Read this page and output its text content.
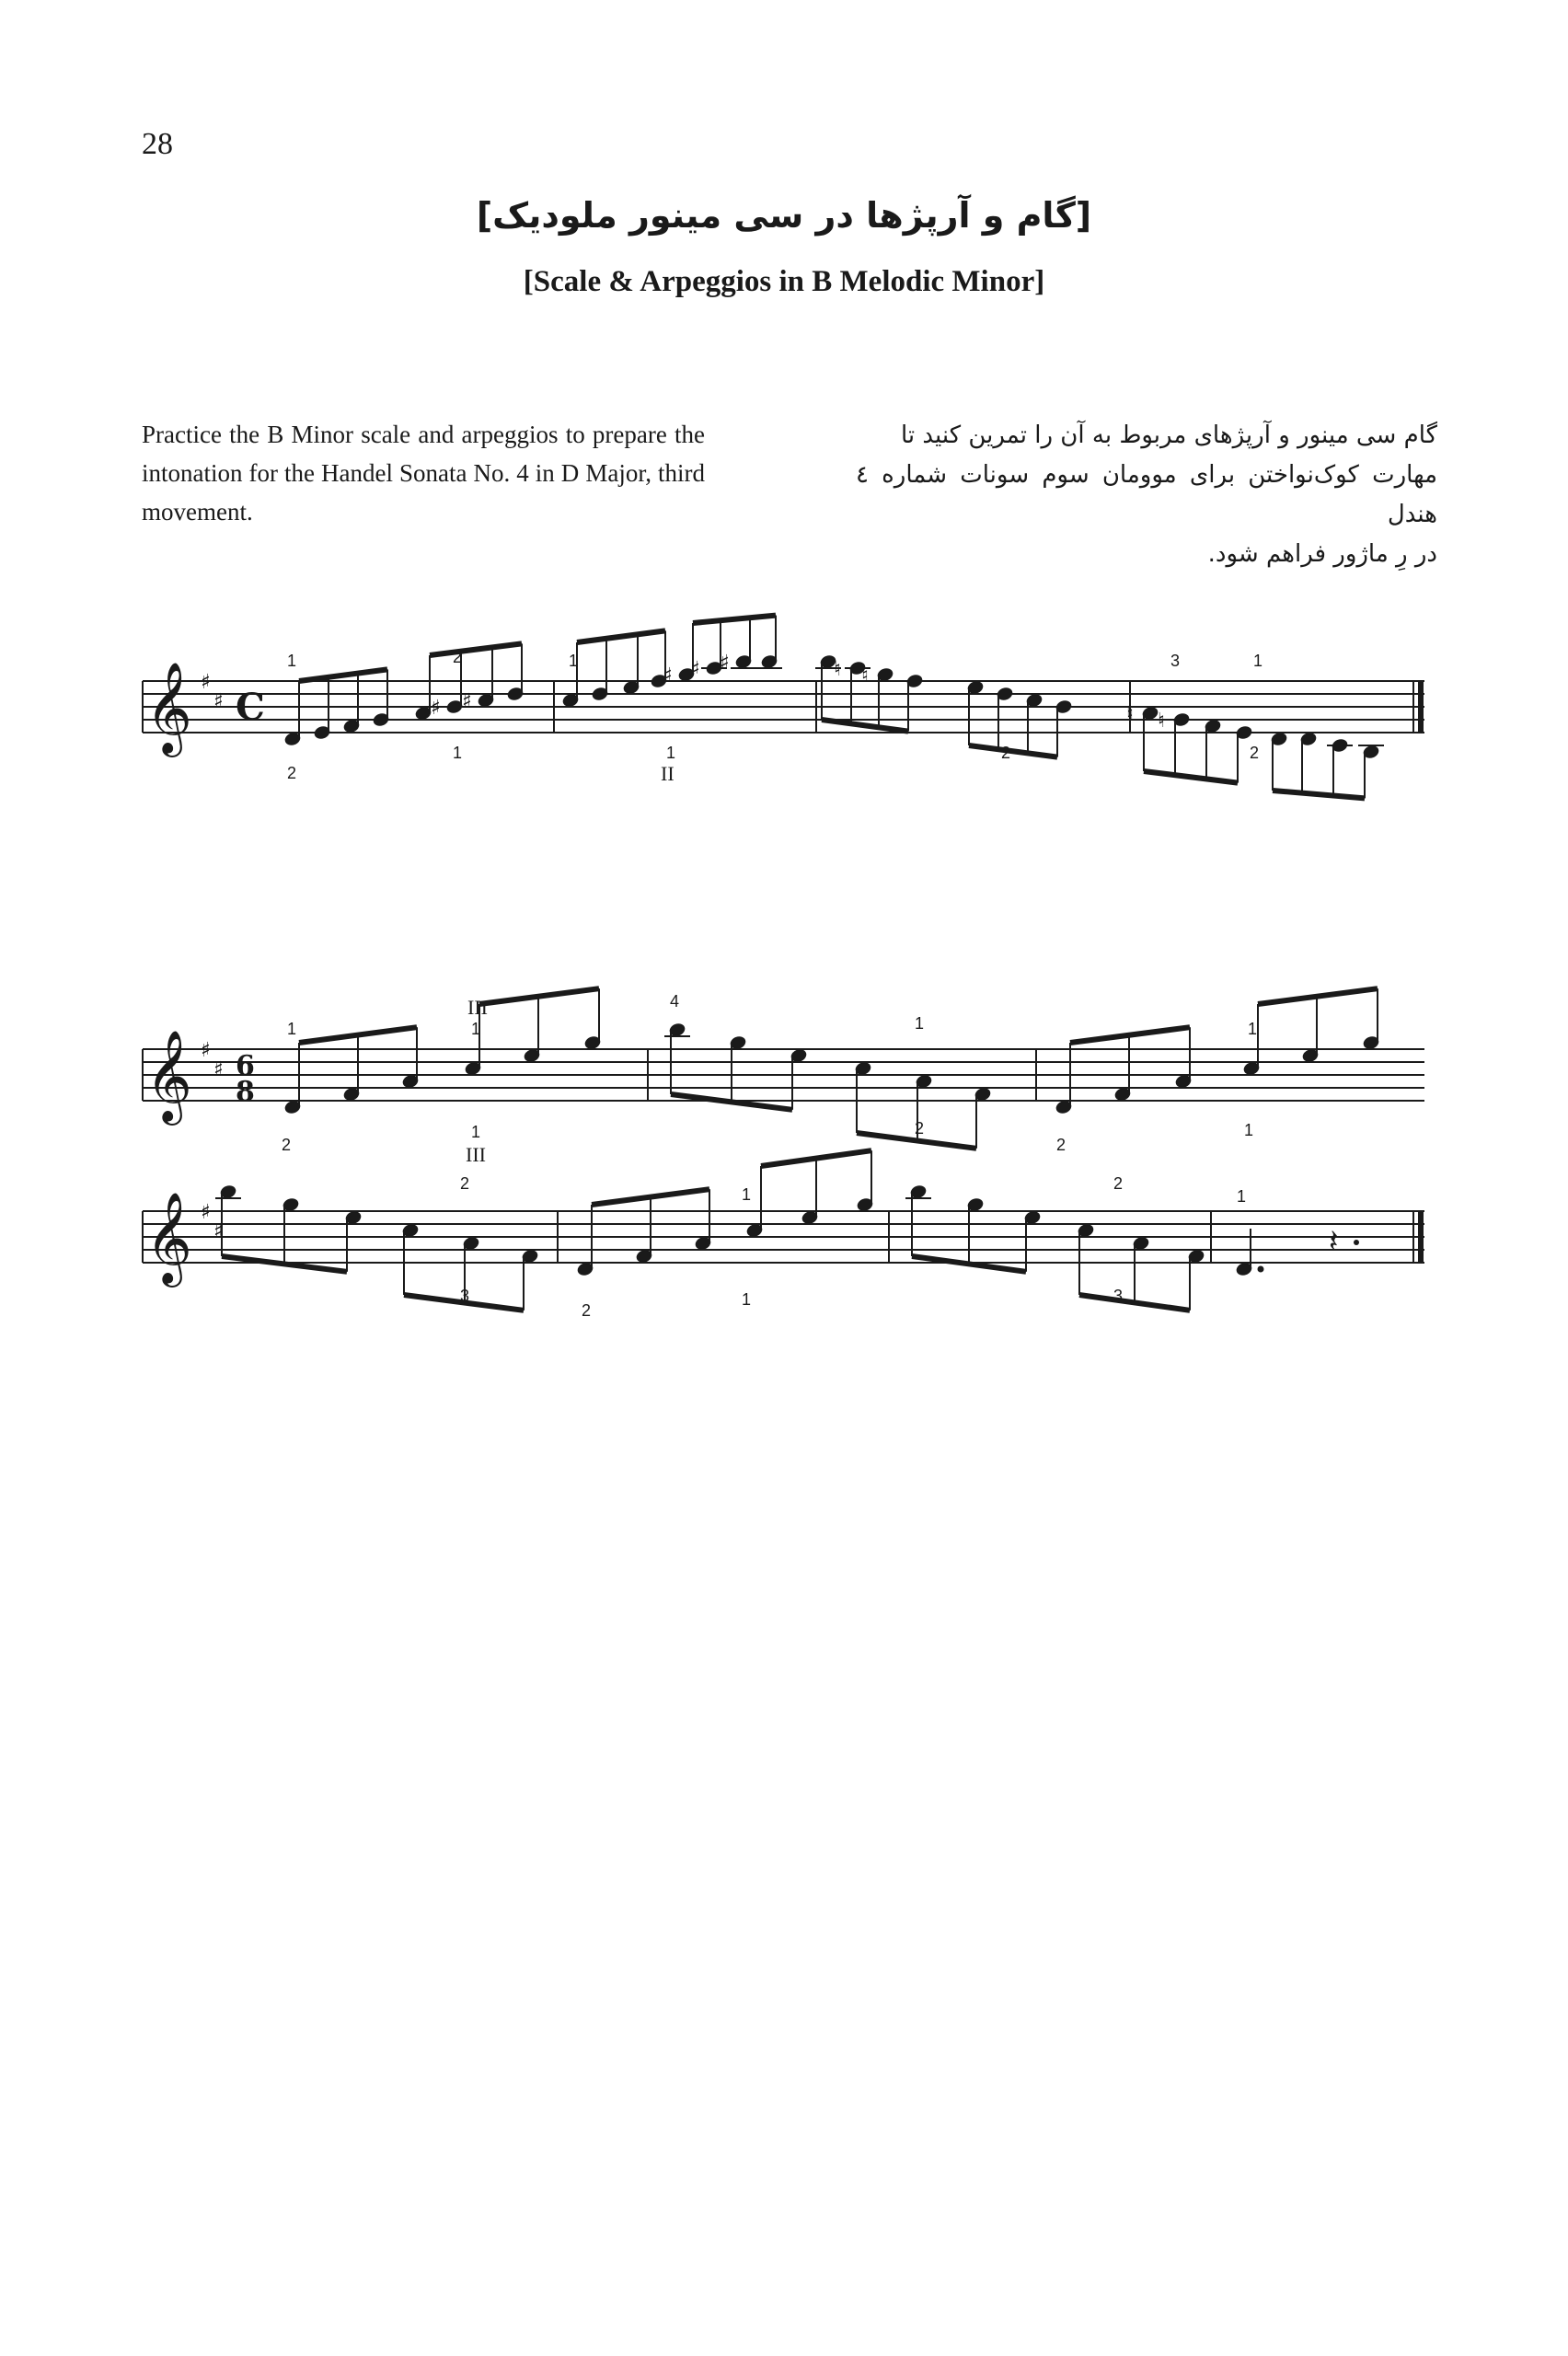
28
[گام و آرپژها در سی مینور ملودیک]
[Scale & Arpeggios in B Melodic Minor]
Practice the B Minor scale and arpeggios to prepare the intonation for the Handel Sonata No. 4 in D Major, third movement.
گام سی مینور و آرپژهای مربوط به آن را تمرین کنید تا
مهارت کوک‌نواختن برای موومان سوم سونات شماره ٤ هندل
در رِ ماژور فراهم شود.
𝄞 ♯
♯ C	♯ ♯
♯ ♯ ♯	♮ ♮
♮ ♮
1	2	1	3	1
2
1	1
II
2	2
𝄞 ♯
♯ 6
8
III
1	1
4
1	1
2
1
III
2
2
1
𝄞 ♯
♯	𝄽
2
1
2
1
3
2
1	3
